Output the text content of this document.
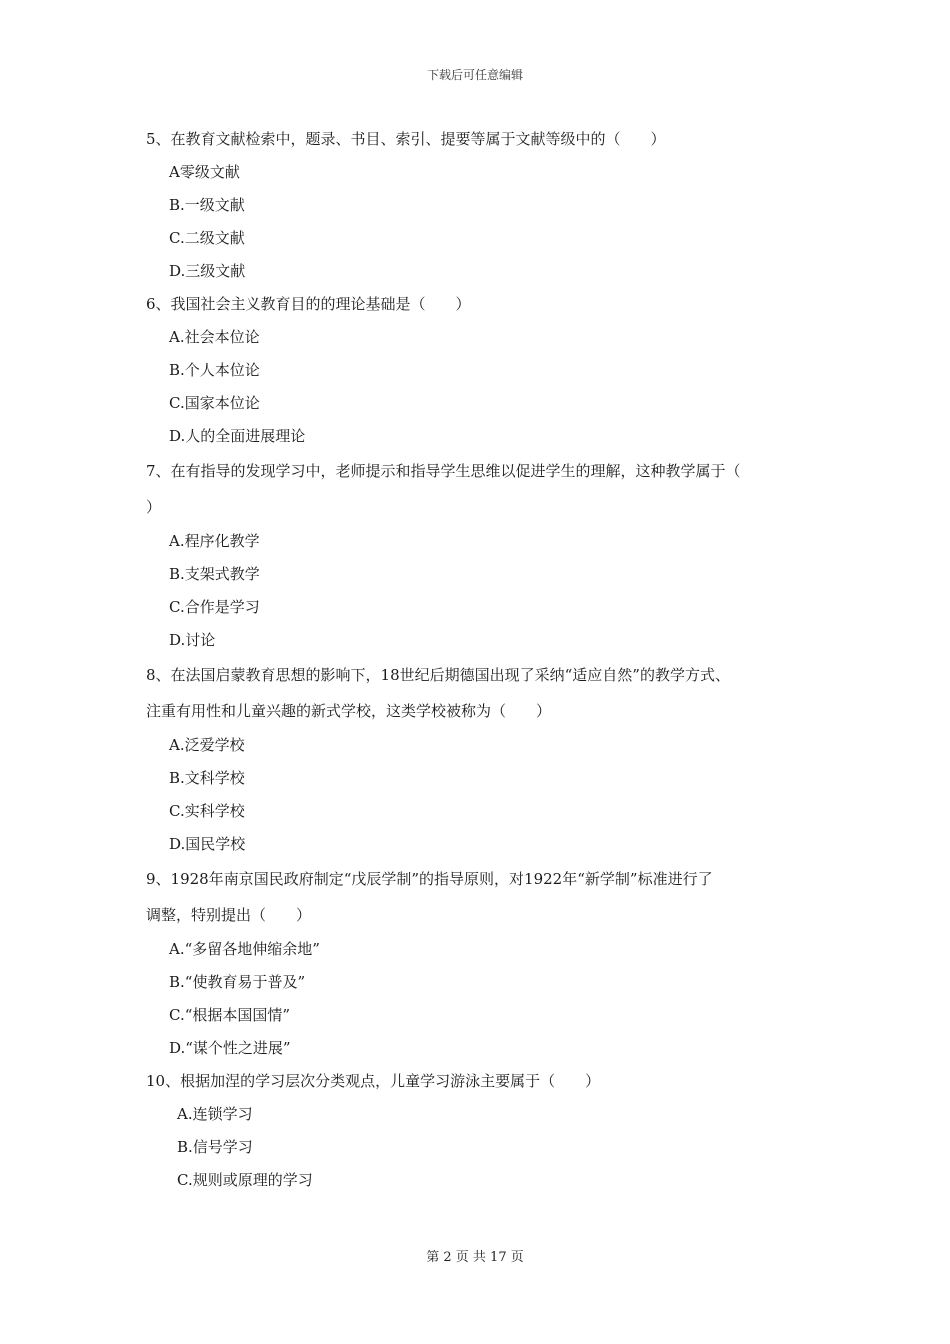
下载后可任意编辑
5、在教育文献检索中，题录、书目、索引、提要等属于文献等级中的（　　）
A零级文献
B.一级文献
C.二级文献
D.三级文献
6、我国社会主义教育目的的理论基础是（　　）
A.社会本位论
B.个人本位论
C.国家本位论
D.人的全面进展理论
7、在有指导的发现学习中，老师提示和指导学生思维以促进学生的理解，这种教学属于（
）
A.程序化教学
B.支架式教学
C.合作是学习
D.讨论
8、在法国启蒙教育思想的影响下，18世纪后期德国出现了采纳“适应自然”的教学方式、
注重有用性和儿童兴趣的新式学校，这类学校被称为（　　）
A.泛爱学校
B.文科学校
C.实科学校
D.国民学校
9、1928年南京国民政府制定“戊辰学制”的指导原则，对1922年“新学制”标准进行了
调整，特别提出（　　）
A.“多留各地伸缩余地”
B.“使教育易于普及”
C.“根据本国国情”
D.“谋个性之进展”
10、根据加涅的学习层次分类观点，儿童学习游泳主要属于（　　）
A.连锁学习
B.信号学习
C.规则或原理的学习
第 2 页 共 17 页
